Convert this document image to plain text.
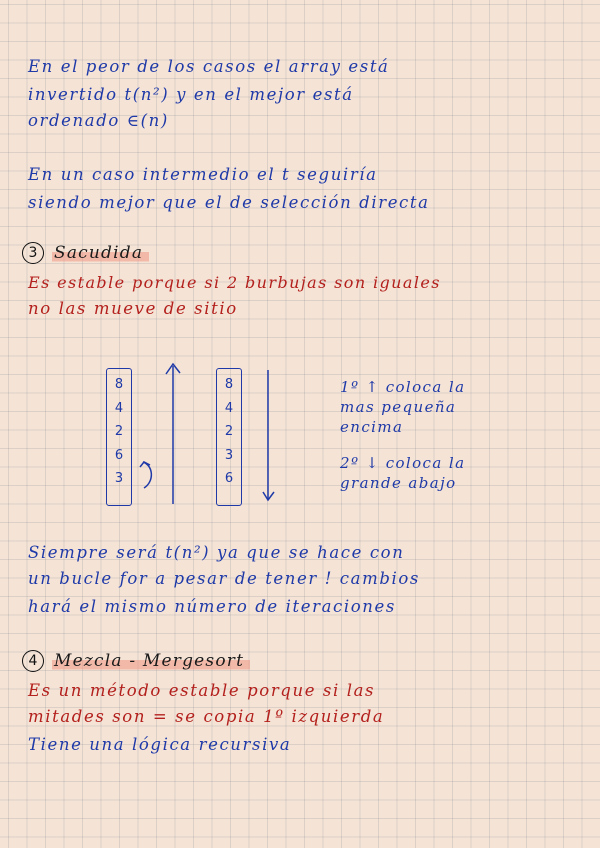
En el peor de los casos el array está
invertido t(n²) y en el mejor está
ordenado ∈(n)
En un caso intermedio el t seguiría
siendo mejor que el de selección directa
3 Sacudida
Es estable porque si 2 burbujas son iguales
no las mueve de sitio
8
4
2
6
3
8
4
2
3
6
1º ↑ coloca la
mas pequeña
encima
2º ↓ coloca la
grande abajo
Siempre será t(n²) ya que se hace con
un bucle for a pesar de tener ! cambios
hará el mismo número de iteraciones
4 Mezcla - Mergesort
Es un método estable porque si las
mitades son = se copia 1º izquierda
Tiene una lógica recursiva
